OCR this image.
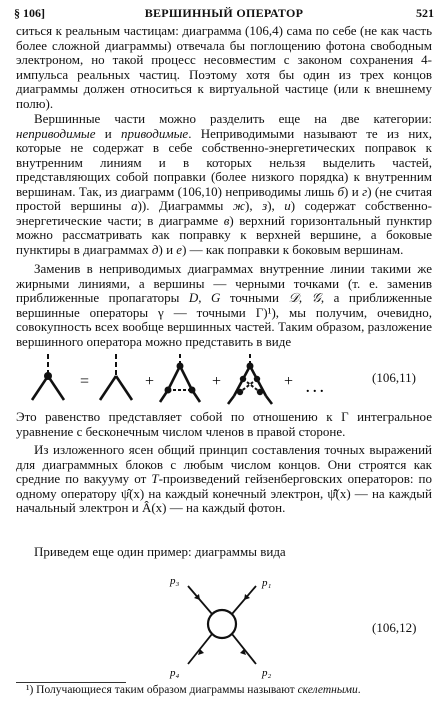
§ 106]	ВЕРШИННЫЙ ОПЕРАТОР	521
ситься к реальным частицам: диаграмма (106,4) сама по себе (не как часть более сложной диаграммы) отвечала бы поглощению фотона свободным электроном, но такой процесс несовместим с законом сохранения 4-импульса реальных частиц. Поэтому хотя бы один из трех концов диаграммы должен относиться к виртуальной частице (или к внешнему полю).
Вершинные части можно разделить еще на две категории: неприводимые и приводимые. Неприводимыми называют те из них, которые не содержат в себе собственно-энергетических поправок к внутренним линиям и в которых нельзя выделить частей, представляющих собой поправки (более низкого порядка) к внутренним вершинам. Так, из диаграмм (106,10) неприводимы лишь б) и г) (не считая простой вершины а)). Диаграммы ж), з), и) содержат собственно-энергетические части; в диаграмме в) верхний горизонтальный пунктир можно рассматривать как поправку к верхней вершине, а боковые пунктиры в диаграммах д) и е) — как поправки к боковым вершинам.
Заменив в неприводимых диаграммах внутренние линии такими же жирными линиями, а вершины — черными точками (т. е. заменив приближенные пропагаторы D, G точными 𝒟, 𝒢, а приближенные вершинные операторы γ — точными Γ)¹), мы получим, очевидно, совокупность всех вообще вершинных частей. Таким образом, разложение вершинного оператора можно представить в виде
=	+	+	+ . . .
(106,11)
Это равенство представляет собой по отношению к Γ интегральное уравнение с бесконечным числом членов в правой стороне.
Из изложенного ясен общий принцип составления точных выражений для диаграммных блоков с любым числом концов. Они строятся как средние по вакууму от T-произведений гейзенберговских операторов: по одному оператору ψ̂(x) на каждый конечный электрон, ψ̄̂(x) — на каждый начальный электрон и Â(x) — на каждый фотон.
Приведем еще один пример: диаграммы вида
p₃	p₁
p₄	p₂
(106,12)
¹) Получающиеся таким образом диаграммы называют скелетными.
